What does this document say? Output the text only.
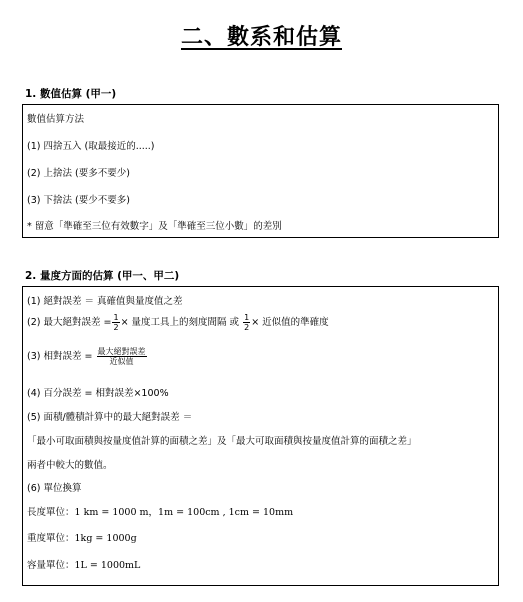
二、數系和估算
1. 數值估算 (甲一)
數值估算方法
(1) 四捨五入 (取最接近的.....)
(2) 上捨法 (要多不要少)
(3) 下捨法 (要少不要多)
* 留意「準確至三位有效數字」及「準確至三位小數」的差別
2. 量度方面的估算 (甲一、甲二)
(1) 絕對誤差 ＝ 真確值與量度值之差
(2) 最大絕對誤差 = $\frac{1}{2}$ × 量度工具上的刻度間隔 或 $\frac{1}{2}$ × 近似值的準確度
(3) 相對誤差 = $\frac{\text{最大絕對誤差}}{\text{近似值}}$
(4) 百分誤差 = 相對誤差×100%
(5) 面積/體積計算中的最大絕對誤差 ＝
「最小可取面積與按量度值計算的面積之差」及「最大可取面積與按量度值計算的面積之差」
兩者中較大的數值。
(6) 單位換算
長度單位：1 km = 1000 m，1m = 100cm , 1cm = 10mm
重度單位：1kg = 1000g
容量單位：1L = 1000mL
